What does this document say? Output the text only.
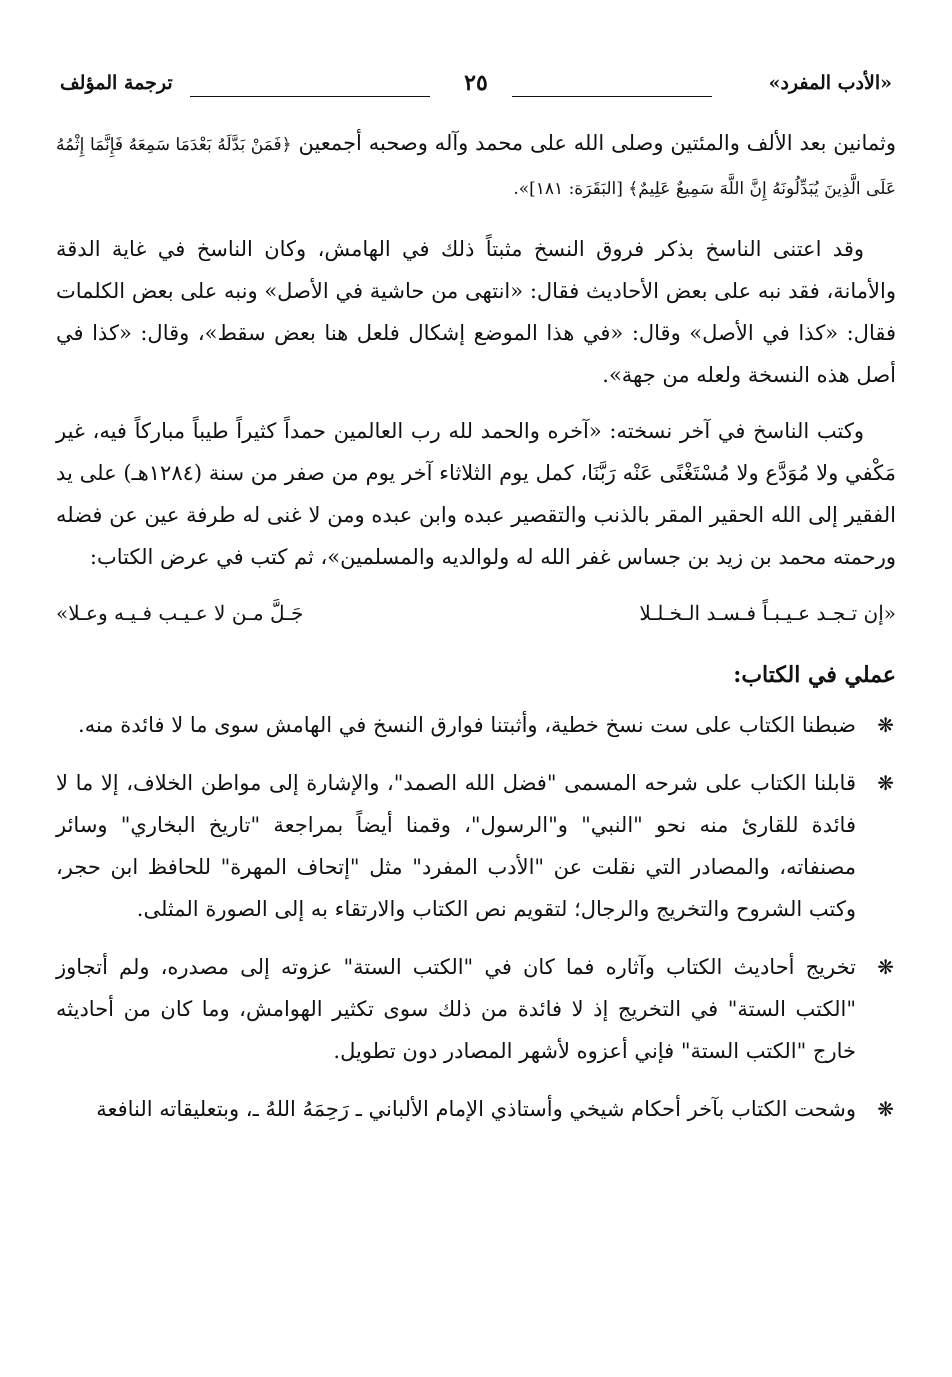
«الأدب المفرد»
٢٥
ترجمة المؤلف

وثمانين بعد الألف والمئتين وصلى الله على محمد وآله وصحبه أجمعين ﴿فَمَنْ بَدَّلَهُ بَعْدَمَا سَمِعَهُ فَإِنَّمَا إِثْمُهُ عَلَى الَّذِينَ يُبَدِّلُونَهُ إِنَّ اللَّهَ سَمِيعٌ عَلِيمٌ﴾ [البَقَرَة: ١٨١]».

وقد اعتنى الناسخ بذكر فروق النسخ مثبتاً ذلك في الهامش، وكان الناسخ في غاية الدقة والأمانة، فقد نبه على بعض الأحاديث فقال: «انتهى من حاشية في الأصل» ونبه على بعض الكلمات فقال: «كذا في الأصل» وقال: «في هذا الموضع إشكال فلعل هنا بعض سقط»، وقال: «كذا في أصل هذه النسخة ولعله من جهة».

وكتب الناسخ في آخر نسخته: «آخره والحمد لله رب العالمين حمداً كثيراً طيباً مباركاً فيه، غير مَكْفي ولا مُوَدَّع ولا مُسْتَغْنًى عَنْه رَبَّنَا، كمل يوم الثلاثاء آخر يوم من صفر من سنة (١٢٨٤هـ) على يد الفقير إلى الله الحقير المقر بالذنب والتقصير عبده وابن عبده ومن لا غنى له طرفة عين عن فضله ورحمته محمد بن زيد بن جساس غفر الله له ولوالديه والمسلمين»، ثم كتب في عرض الكتاب:

«إن تـجـد عـيـبـاً فـسـد الـخـلـلا
جَـلَّ مـن لا عـيـب فـيـه وعـلا»
عملي في الكتاب:
❋
ضبطنا الكتاب على ست نسخ خطية، وأثبتنا فوارق النسخ في الهامش سوى ما لا فائدة منه.
❋
قابلنا الكتاب على شرحه المسمى "فضل الله الصمد"، والإشارة إلى مواطن الخلاف، إلا ما لا فائدة للقارئ منه نحو "النبي" و"الرسول"، وقمنا أيضاً بمراجعة "تاريخ البخاري" وسائر مصنفاته، والمصادر التي نقلت عن "الأدب المفرد" مثل "إتحاف المهرة" للحافظ ابن حجر، وكتب الشروح والتخريج والرجال؛ لتقويم نص الكتاب والارتقاء به إلى الصورة المثلى.
❋
تخريج أحاديث الكتاب وآثاره فما كان في "الكتب الستة" عزوته إلى مصدره، ولم أتجاوز "الكتب الستة" في التخريج إذ لا فائدة من ذلك سوى تكثير الهوامش، وما كان من أحاديثه خارج "الكتب الستة" فإني أعزوه لأشهر المصادر دون تطويل.
❋
وشحت الكتاب بآخر أحكام شيخي وأستاذي الإمام الألباني ـ رَحِمَهُ اللهُ ـ، وبتعليقاته النافعة
